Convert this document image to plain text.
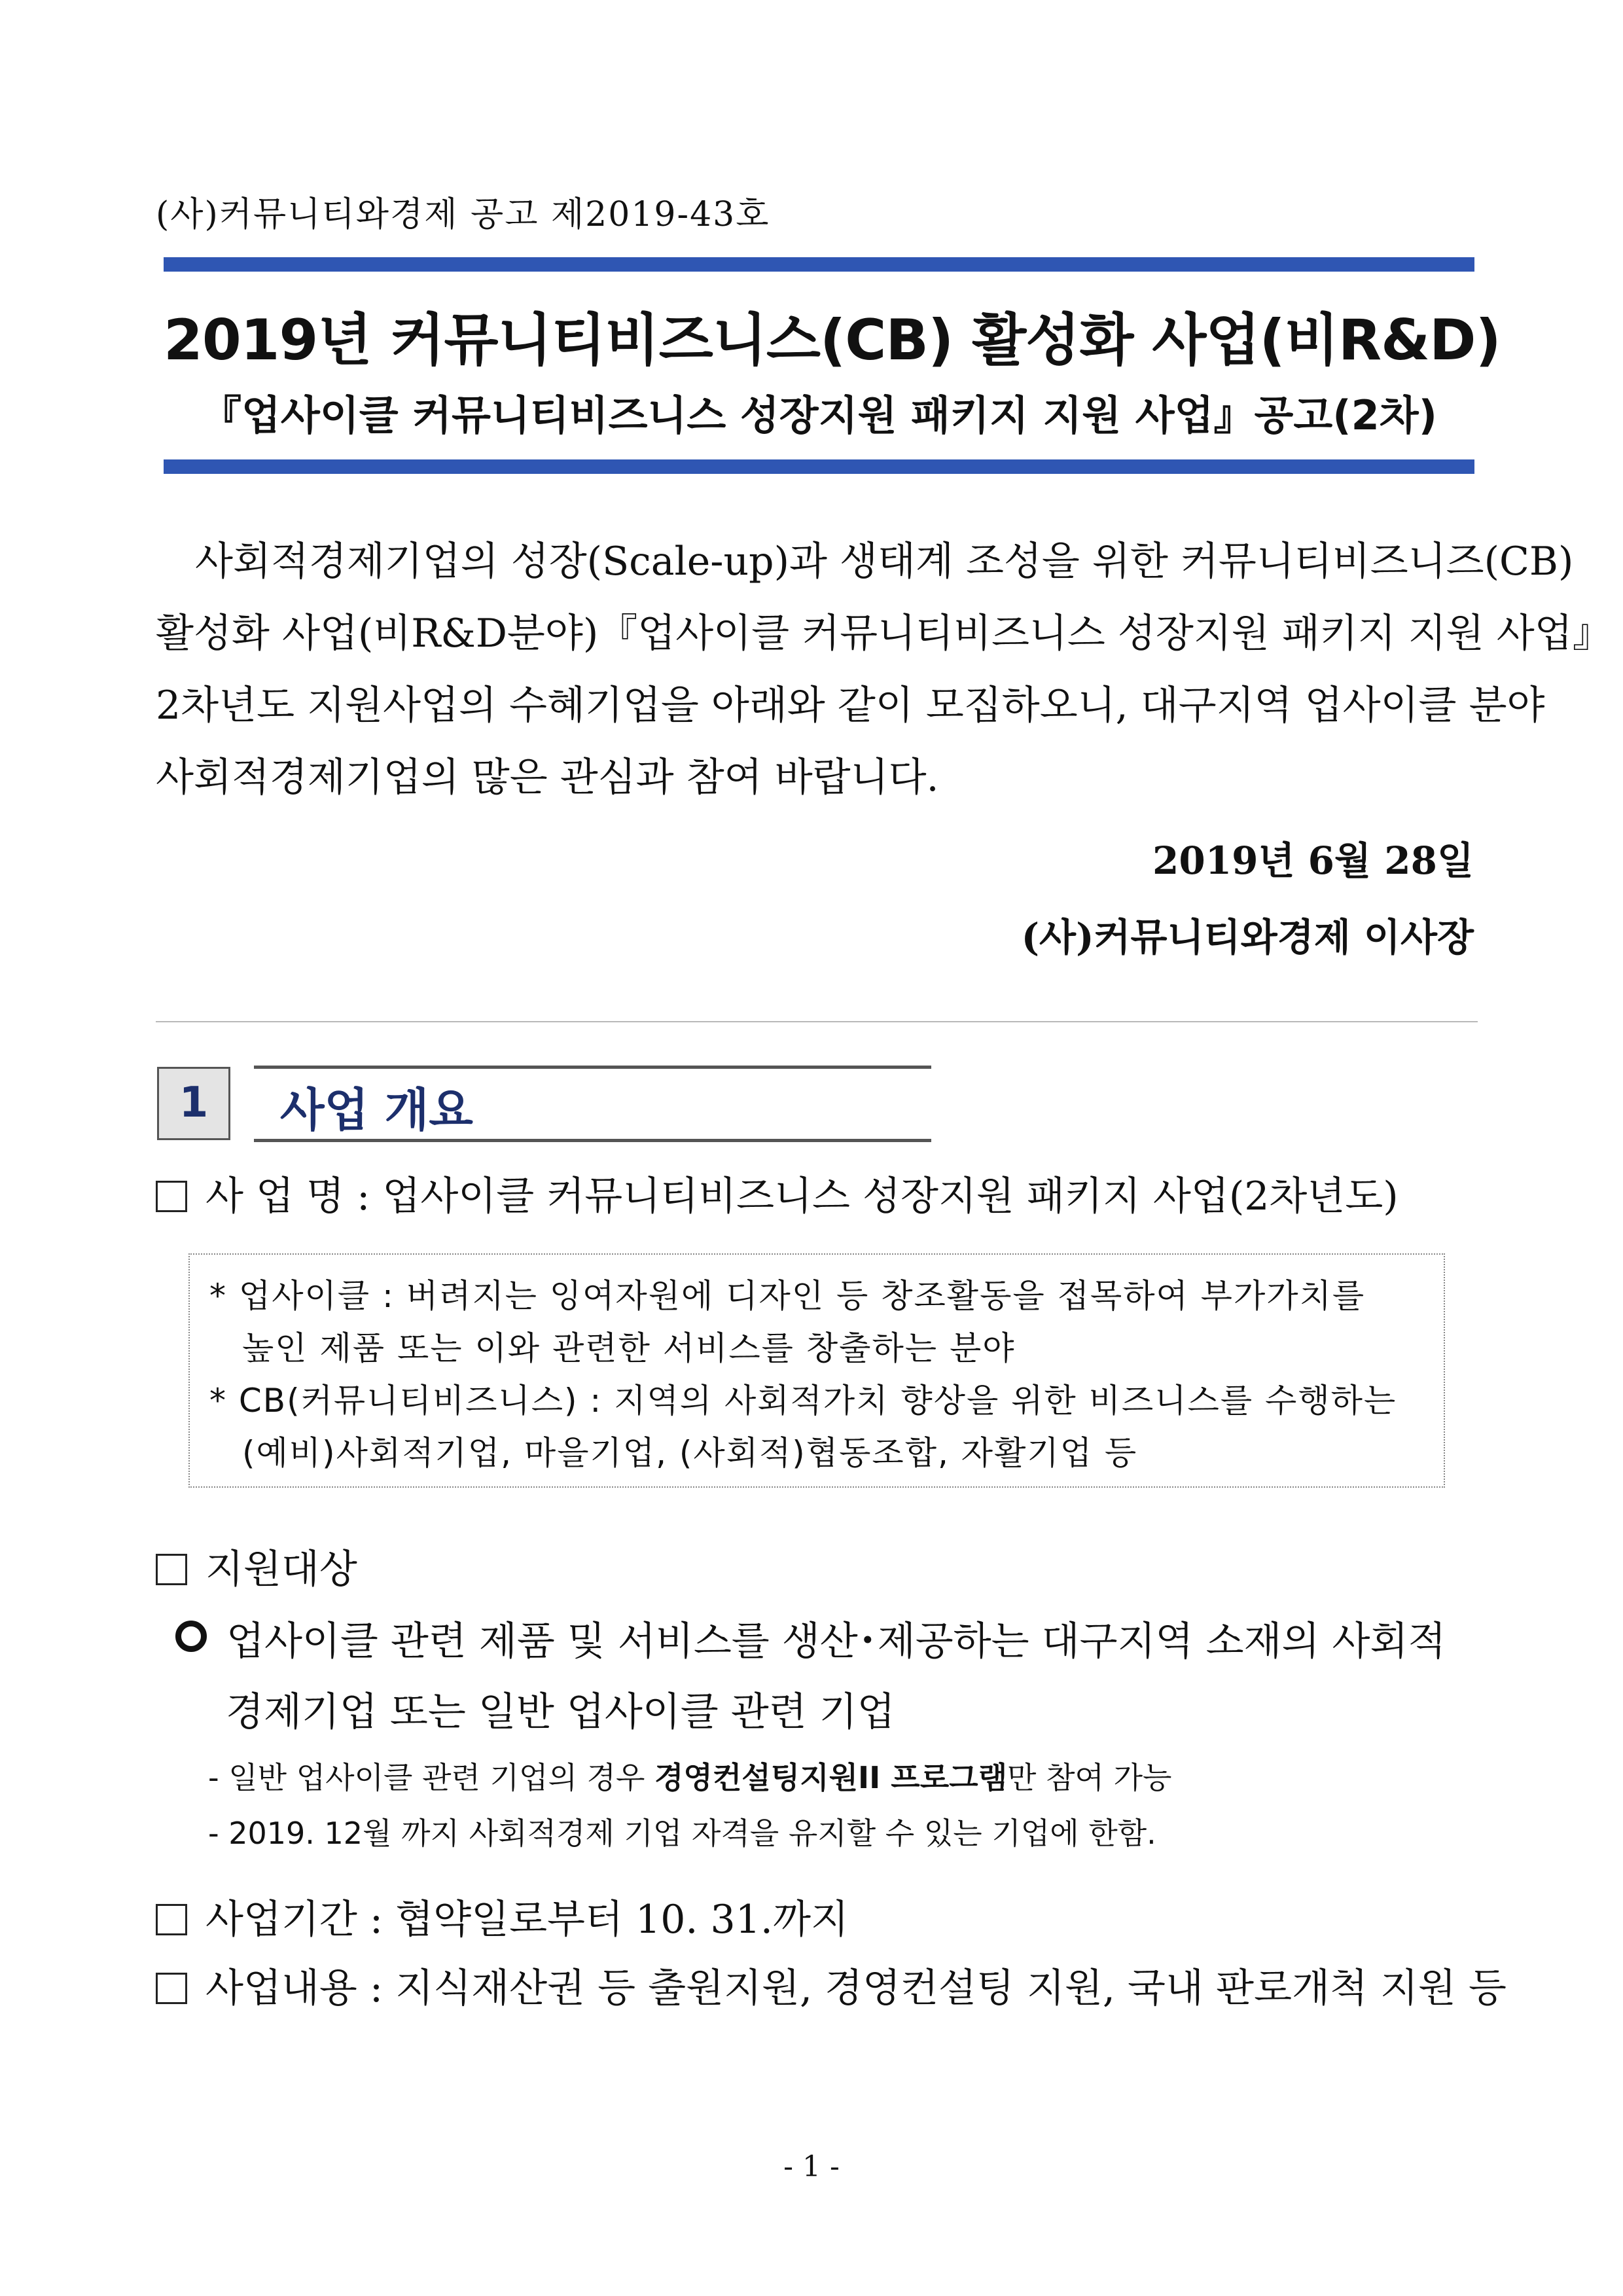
(사)커뮤니티와경제 공고 제2019-43호
2019년 커뮤니티비즈니스(CB) 활성화 사업(비R&D)
『업사이클 커뮤니티비즈니스 성장지원 패키지 지원 사업』공고(2차)
사회적경제기업의 성장(Scale-up)과 생태계 조성을 위한 커뮤니티비즈니즈(CB)
활성화 사업(비R&D분야)『업사이클 커뮤니티비즈니스 성장지원 패키지 지원 사업』
2차년도 지원사업의 수혜기업을 아래와 같이 모집하오니, 대구지역 업사이클 분야
사회적경제기업의 많은 관심과 참여 바랍니다.
2019년 6월 28일
(사)커뮤니티와경제 이사장
1	사업 개요
사 업 명 : 업사이클 커뮤니티비즈니스 성장지원 패키지 사업(2차년도)
* 업사이클 : 버려지는 잉여자원에 디자인 등 창조활동을 접목하여 부가가치를
높인 제품 또는 이와 관련한 서비스를 창출하는 분야
* CB(커뮤니티비즈니스) : 지역의 사회적가치 향상을 위한 비즈니스를 수행하는
(예비)사회적기업, 마을기업, (사회적)협동조합, 자활기업 등
지원대상
업사이클 관련 제품 및 서비스를 생산･제공하는 대구지역 소재의 사회적
경제기업 또는 일반 업사이클 관련 기업
- 일반 업사이클 관련 기업의 경우 경영컨설팅지원II 프로그램만 참여 가능
- 2019. 12월 까지 사회적경제 기업 자격을 유지할 수 있는 기업에 한함.
사업기간 : 협약일로부터 10. 31.까지
사업내용 : 지식재산권 등 출원지원, 경영컨설팅 지원, 국내 판로개척 지원 등
- 1 -
